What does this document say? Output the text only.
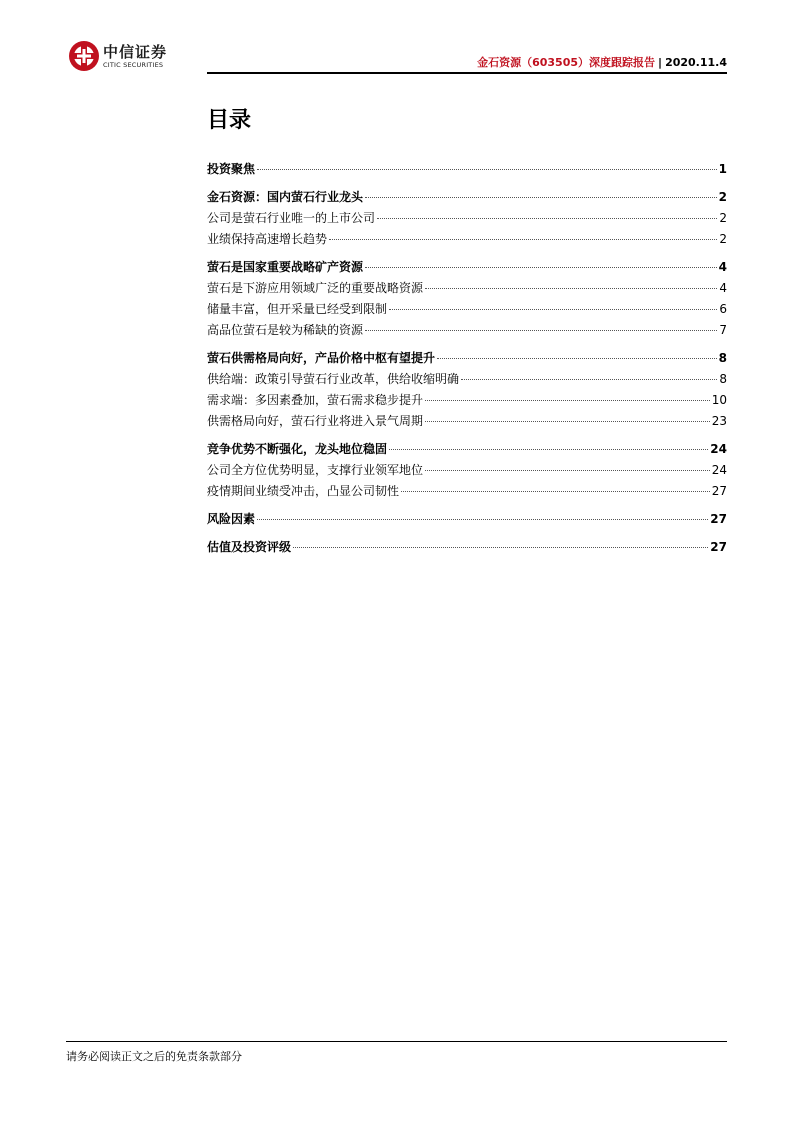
中信证券
CITIC SECURITIES	金石资源（603505）深度跟踪报告 | 2020.11.4
目录
投资聚焦	1
金石资源：国内萤石行业龙头	2
公司是萤石行业唯一的上市公司	2
业绩保持高速增长趋势	2
萤石是国家重要战略矿产资源	4
萤石是下游应用领域广泛的重要战略资源	4
储量丰富，但开采量已经受到限制	6
高品位萤石是较为稀缺的资源	7
萤石供需格局向好，产品价格中枢有望提升	8
供给端：政策引导萤石行业改革，供给收缩明确	8
需求端：多因素叠加，萤石需求稳步提升	10
供需格局向好，萤石行业将进入景气周期	23
竞争优势不断强化，龙头地位稳固	24
公司全方位优势明显，支撑行业领军地位	24
疫情期间业绩受冲击，凸显公司韧性	27
风险因素	27
估值及投资评级	27
请务必阅读正文之后的免责条款部分
